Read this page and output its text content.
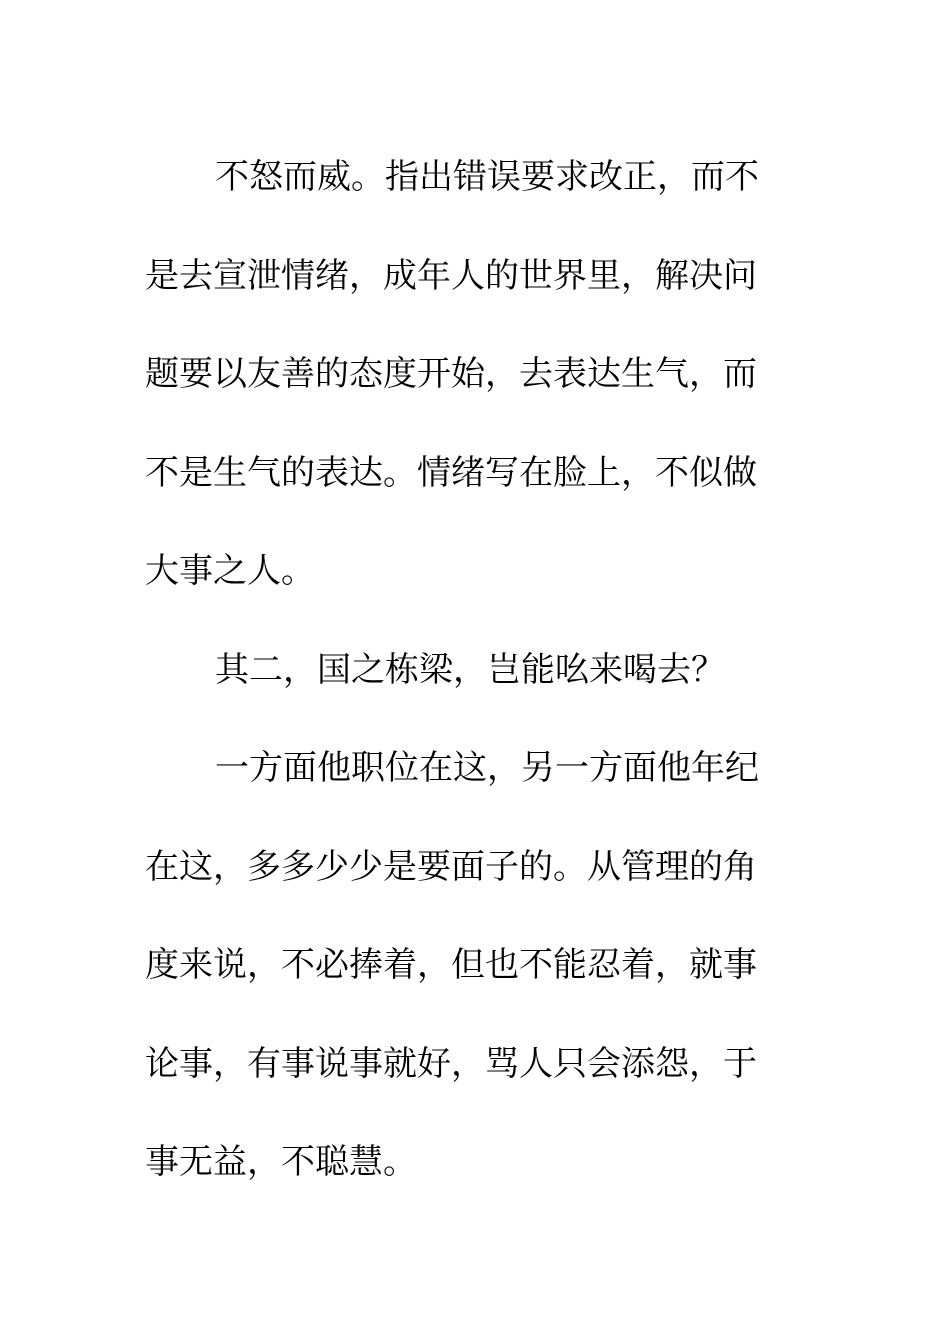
不怒而威。指出错误要求改正，而不
是去宣泄情绪，成年人的世界里，解决问
题要以友善的态度开始，去表达生气，而
不是生气的表达。情绪写在脸上，不似做
大事之人。
其二，国之栋梁，岂能吆来喝去？
一方面他职位在这，另一方面他年纪
在这，多多少少是要面子的。从管理的角
度来说，不必捧着，但也不能忍着，就事
论事，有事说事就好，骂人只会添怨，于
事无益，不聪慧。
